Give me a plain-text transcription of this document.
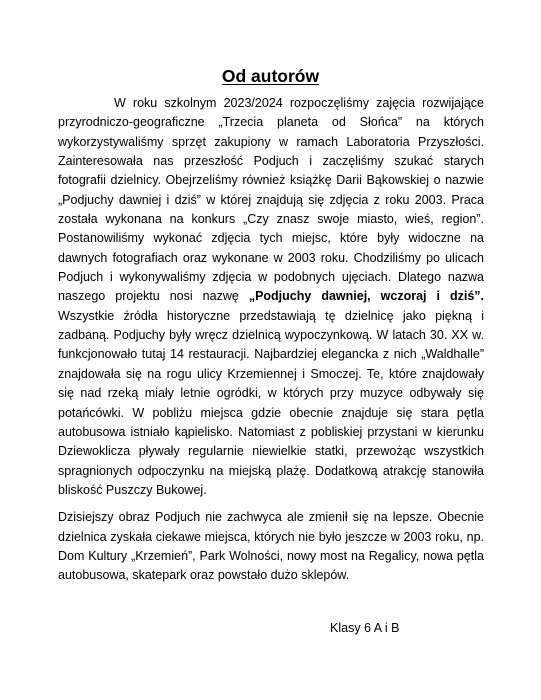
Od autorów

W roku szkolnym 2023/2024 rozpoczęliśmy zajęcia rozwijające przyrodniczo-geograficzne „Trzecia planeta od Słońca” na których wykorzystywaliśmy sprzęt zakupiony w ramach Laboratoria Przyszłości. Zainteresowała nas przeszłość Podjuch i zaczęliśmy szukać starych fotografii dzielnicy. Obejrzeliśmy również książkę Darii Bąkowskiej o nazwie „Podjuchy dawniej i dziś” w której znajdują się zdjęcia z roku 2003. Praca została wykonana na konkurs „Czy znasz swoje miasto, wieś, region”. Postanowiliśmy wykonać zdjęcia tych miejsc, które były widoczne na dawnych fotografiach oraz wykonane w 2003 roku. Chodziliśmy po ulicach Podjuch i wykonywaliśmy zdjęcia w podobnych ujęciach. Dlatego nazwa naszego projektu nosi nazwę „Podjuchy dawniej, wczoraj i dziś”. Wszystkie źródła historyczne przedstawiają tę dzielnicę jako piękną i zadbaną. Podjuchy były wręcz dzielnicą wypoczynkową. W latach 30. XX w. funkcjonowało tutaj 14 restauracji. Najbardziej elegancka z nich „Waldhalle” znajdowała się na rogu ulicy Krzemiennej i Smoczej. Te, które znajdowały się nad rzeką miały letnie ogródki, w których przy muzyce odbywały się potańcówki. W pobliżu miejsca gdzie obecnie znajduje się stara pętla autobusowa istniało kąpielisko. Natomiast z pobliskiej przystani w kierunku Dziewoklicza pływały regularnie niewielkie statki, przewożąc wszystkich spragnionych odpoczynku na miejską plażę. Dodatkową atrakcję stanowiła bliskość Puszczy Bukowej.

Dzisiejszy obraz Podjuch nie zachwyca ale zmienił się na lepsze. Obecnie dzielnica zyskała ciekawe miejsca, których nie było jeszcze w 2003 roku, np. Dom Kultury „Krzemień”, Park Wolności, nowy most na Regalicy, nowa pętla autobusowa, skatepark oraz powstało dużo sklepów.

Klasy 6 A i B
